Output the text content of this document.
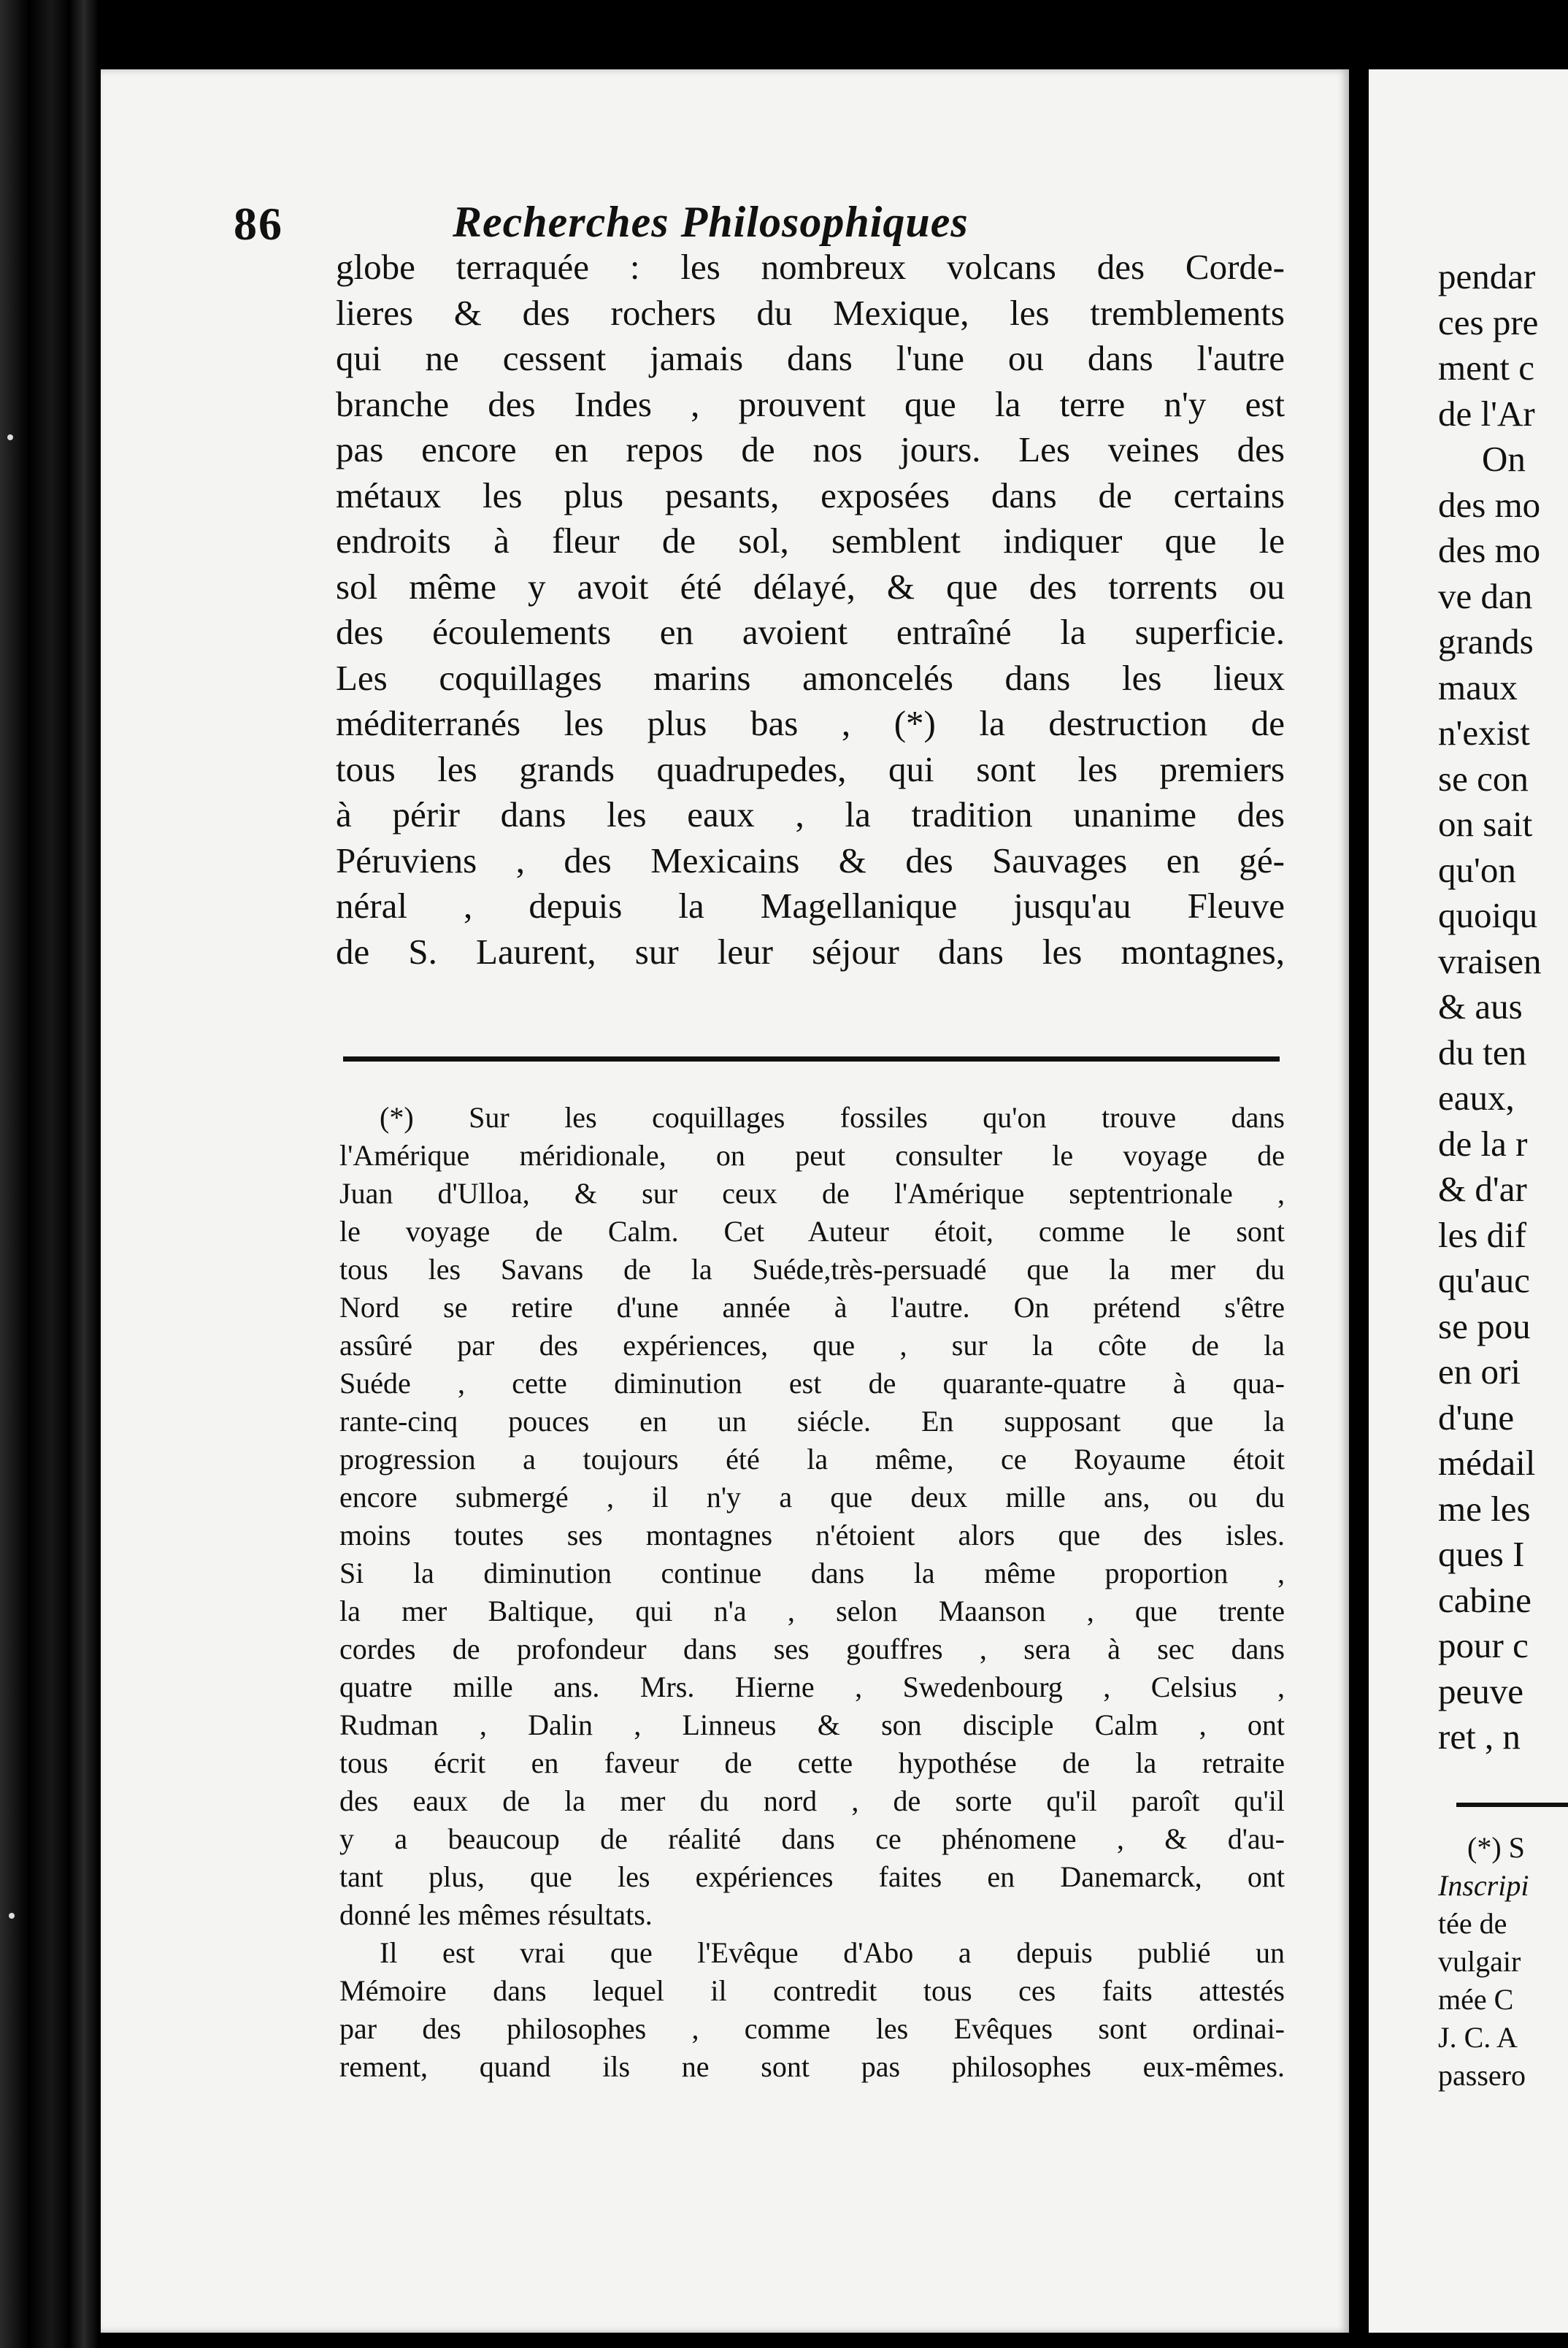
86	Recherches Philosophiques
globe terraquée : les nombreux volcans des Corde-
lieres & des rochers du Mexique, les tremblements
qui ne cessent jamais dans l'une ou dans l'autre
branche des Indes , prouvent que la terre n'y est
pas encore en repos de nos jours. Les veines des
métaux les plus pesants, exposées dans de certains
endroits à fleur de sol, semblent indiquer que le
sol même y avoit été délayé, & que des torrents ou
des écoulements en avoient entraîné la superficie.
Les coquillages marins amoncelés dans les lieux
méditerranés les plus bas , (*) la destruction de
tous les grands quadrupedes, qui sont les premiers
à périr dans les eaux , la tradition unanime des
Péruviens , des Mexicains & des Sauvages en gé-
néral , depuis la Magellanique jusqu'au Fleuve
de S. Laurent, sur leur séjour dans les montagnes,
(*) Sur les coquillages fossiles qu'on trouve dans
l'Amérique méridionale, on peut consulter le voyage de
Juan d'Ulloa, & sur ceux de l'Amérique septentrionale ,
le voyage de Calm. Cet Auteur étoit, comme le sont
tous les Savans de la Suéde,très-persuadé que la mer du
Nord se retire d'une année à l'autre. On prétend s'être
assûré par des expériences, que , sur la côte de la
Suéde , cette diminution est de quarante-quatre à qua-
rante-cinq pouces en un siécle. En supposant que la
progression a toujours été la même, ce Royaume étoit
encore submergé , il n'y a que deux mille ans, ou du
moins toutes ses montagnes n'étoient alors que des isles.
Si la diminution continue dans la même proportion ,
la mer Baltique, qui n'a , selon Maanson , que trente
cordes de profondeur dans ses gouffres , sera à sec dans
quatre mille ans. Mrs. Hierne , Swedenbourg , Celsius ,
Rudman , Dalin , Linneus & son disciple Calm , ont
tous écrit en faveur de cette hypothése de la retraite
des eaux de la mer du nord , de sorte qu'il paroît qu'il
y a beaucoup de réalité dans ce phénomene , & d'au-
tant plus, que les expériences faites en Danemarck, ont
donné les mêmes résultats.
Il est vrai que l'Evêque d'Abo a depuis publié un
Mémoire dans lequel il contredit tous ces faits attestés
par des philosophes , comme les Evêques sont ordinai-
rement, quand ils ne sont pas philosophes eux-mêmes.
pendar
ces pre
ment c
de l'Ar
On
des mo
des mo
ve dan
grands
maux
n'exist
se con
on sait
qu'on
quoiqu
vraisen
& aus
du ten
eaux,
de la r
& d'ar
les dif
qu'auc
se pou
en ori
d'une
médail
me les
ques I
cabine
pour c
peuve
ret , n
(*) S
Inscripi
tée de
vulgair
mée C
J. C. A
passero
